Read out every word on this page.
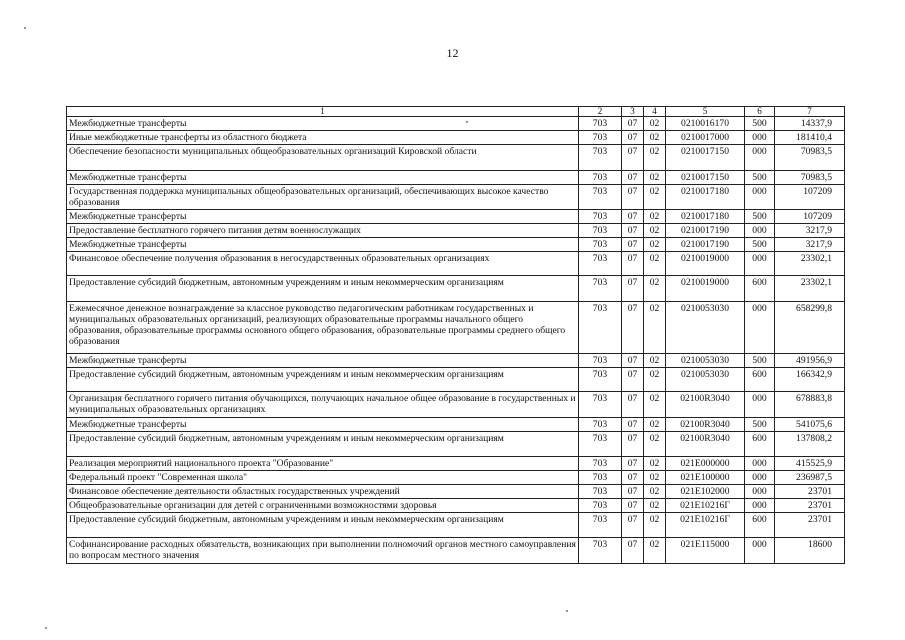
12
1	2	3	4	5	6	7
Межбюджетные трансферты	703	07	02	0210016170	500	14337,9
Иные межбюджетные трансферты из областного бюджета	703	07	02	0210017000	000	181410,4
Обеспечение безопасности муниципальных общеобразовательных организаций Кировской области	703	07	02	0210017150	000	70983,5
Межбюджетные трансферты	703	07	02	0210017150	500	70983,5
Государственная поддержка муниципальных общеобразовательных организаций, обеспечивающих высокое качество образования	703	07	02	0210017180	000	107209
Межбюджетные трансферты	703	07	02	0210017180	500	107209
Предоставление бесплатного горячего питания детям военнослужащих	703	07	02	0210017190	000	3217,9
Межбюджетные трансферты	703	07	02	0210017190	500	3217,9
Финансовое обеспечение получения образования в негосударственных образовательных организациях	703	07	02	0210019000	000	23302,1
Предоставление субсидий бюджетным, автономным учреждениям и иным некоммерческим организациям	703	07	02	0210019000	600	23302,1
Ежемесячное денежное вознаграждение за классное руководство педагогическим работникам государственных и муниципальных образовательных организаций, реализующих образовательные программы начального общего образования, образовательные программы основного общего образования, образовательные программы среднего общего образования	703	07	02	0210053030	000	658299,8
Межбюджетные трансферты	703	07	02	0210053030	500	491956,9
Предоставление субсидий бюджетным, автономным учреждениям и иным некоммерческим организациям	703	07	02	0210053030	600	166342,9
Организация бесплатного горячего питания обучающихся, получающих начальное общее образование в государственных и муниципальных образовательных организациях	703	07	02	02100R3040	000	678883,8
Межбюджетные трансферты	703	07	02	02100R3040	500	541075,6
Предоставление субсидий бюджетным, автономным учреждениям и иным некоммерческим организациям	703	07	02	02100R3040	600	137808,2
Реализация мероприятий национального проекта "Образование"	703	07	02	021E000000	000	415525,9
Федеральный проект "Современная школа"	703	07	02	021E100000	000	236987,5
Финансовое обеспечение деятельности областных государственных учреждений	703	07	02	021E102000	000	23701
Общеобразовательные организации для детей с ограниченными возможностями здоровья	703	07	02	021E10216Г	000	23701
Предоставление субсидий бюджетным, автономным учреждениям и иным некоммерческим организациям	703	07	02	021E10216Г	600	23701
Софинансирование расходных обязательств, возникающих при выполнении полномочий органов местного самоуправления по вопросам местного значения	703	07	02	021E115000	000	18600
